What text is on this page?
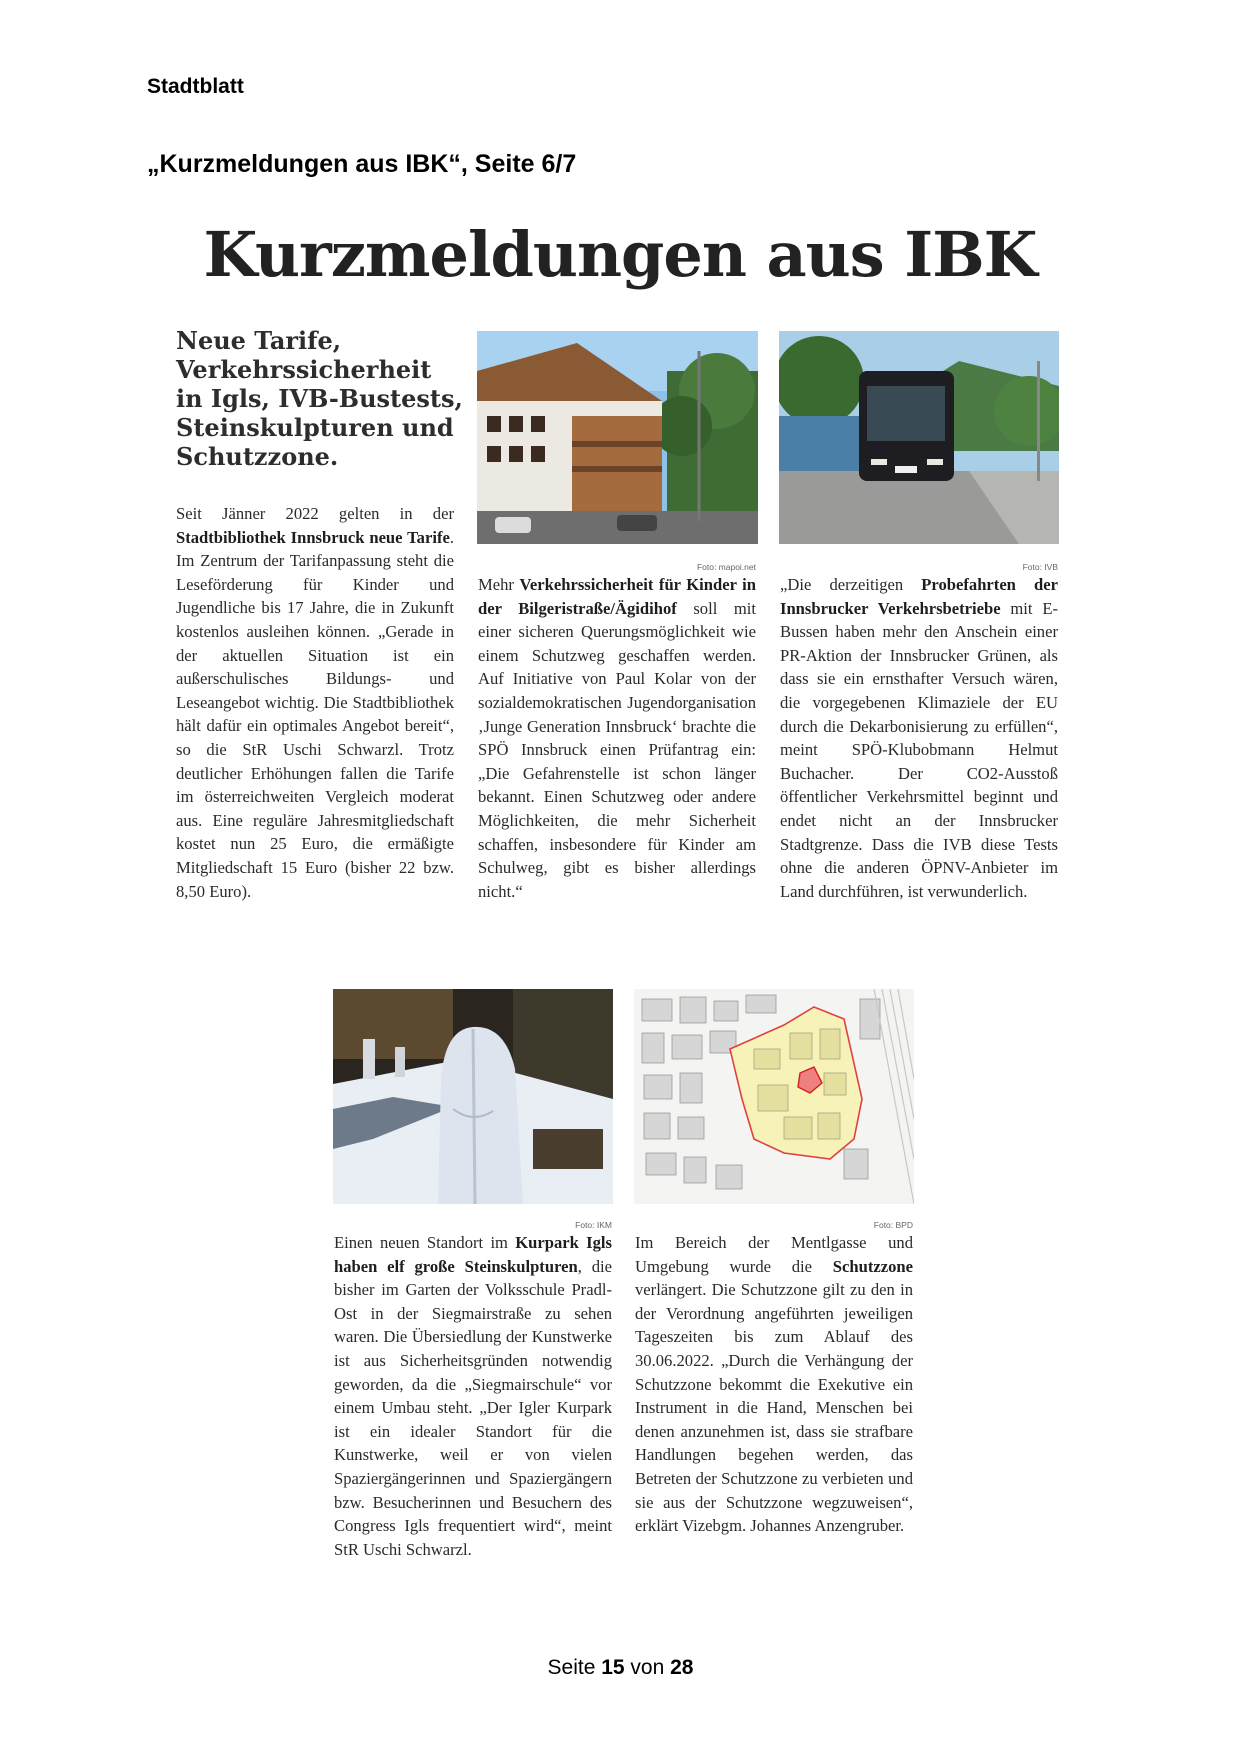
Stadtblatt
„Kurzmeldungen aus IBK“, Seite 6/7
Kurzmeldungen aus IBK
Neue Tarife, Verkehrssicherheit in Igls, IVB-Bustests, Steinskulpturen und Schutzzone.
Foto: mapoi.net	Foto: IVB
Foto: IKM	Foto: BPD
Seit Jänner 2022 gelten in der Stadtbibliothek Innsbruck neue Tarife. Im Zentrum der Tarifanpassung steht die Leseförderung für Kinder und Jugendliche bis 17 Jahre, die in Zukunft kostenlos ausleihen können. „Gerade in der aktuellen Situation ist ein außerschulisches Bildungs- und Leseangebot wichtig. Die Stadtbibliothek hält dafür ein optimales Angebot bereit“, so die StR Uschi Schwarzl. Trotz deutlicher Erhöhungen fallen die Tarife im österreichweiten Vergleich moderat aus. Eine reguläre Jahresmitgliedschaft kostet nun 25 Euro, die ermäßigte Mitgliedschaft 15 Euro (bisher 22 bzw. 8,50 Euro).
Mehr Verkehrssicherheit für Kinder in der Bilgeristraße/Ägidihof soll mit einer sicheren Querungsmöglichkeit wie einem Schutzweg geschaffen werden. Auf Initiative von Paul Kolar von der sozialdemokratischen Jugendorganisation ‚Junge Generation Innsbruck‘ brachte die SPÖ Innsbruck einen Prüfantrag ein: „Die Gefahrenstelle ist schon länger bekannt. Einen Schutzweg oder andere Möglichkeiten, die mehr Sicherheit schaffen, insbesondere für Kinder am Schulweg, gibt es bisher allerdings nicht.“
„Die derzeitigen Probefahrten der Innsbrucker Verkehrsbetriebe mit E-Bussen haben mehr den Anschein einer PR-Aktion der Innsbrucker Grünen, als dass sie ein ernsthafter Versuch wären, die vorgegebenen Klimaziele der EU durch die Dekarbonisierung zu erfüllen“, meint SPÖ-Klubobmann Helmut Buchacher. Der CO2-Ausstoß öffentlicher Verkehrsmittel beginnt und endet nicht an der Innsbrucker Stadtgrenze. Dass die IVB diese Tests ohne die anderen ÖPNV-Anbieter im Land durchführen, ist verwunderlich.
Einen neuen Standort im Kurpark Igls haben elf große Steinskulpturen, die bisher im Garten der Volksschule Pradl-Ost in der Siegmairstraße zu sehen waren. Die Übersiedlung der Kunstwerke ist aus Sicherheitsgründen notwendig geworden, da die „Siegmairschule“ vor einem Umbau steht. „Der Igler Kurpark ist ein idealer Standort für die Kunstwerke, weil er von vielen Spaziergängerinnen und Spaziergängern bzw. Besucherinnen und Besuchern des Congress Igls frequentiert wird“, meint StR Uschi Schwarzl.
Im Bereich der Mentlgasse und Umgebung wurde die Schutzzone verlängert. Die Schutzzone gilt zu den in der Verordnung angeführten jeweiligen Tageszeiten bis zum Ablauf des 30.06.2022. „Durch die Verhängung der Schutzzone bekommt die Exekutive ein Instrument in die Hand, Menschen bei denen anzunehmen ist, dass sie strafbare Handlungen begehen werden, das Betreten der Schutzzone zu verbieten und sie aus der Schutzzone wegzuweisen“, erklärt Vizebgm. Johannes Anzengruber.
Seite 15 von 28
